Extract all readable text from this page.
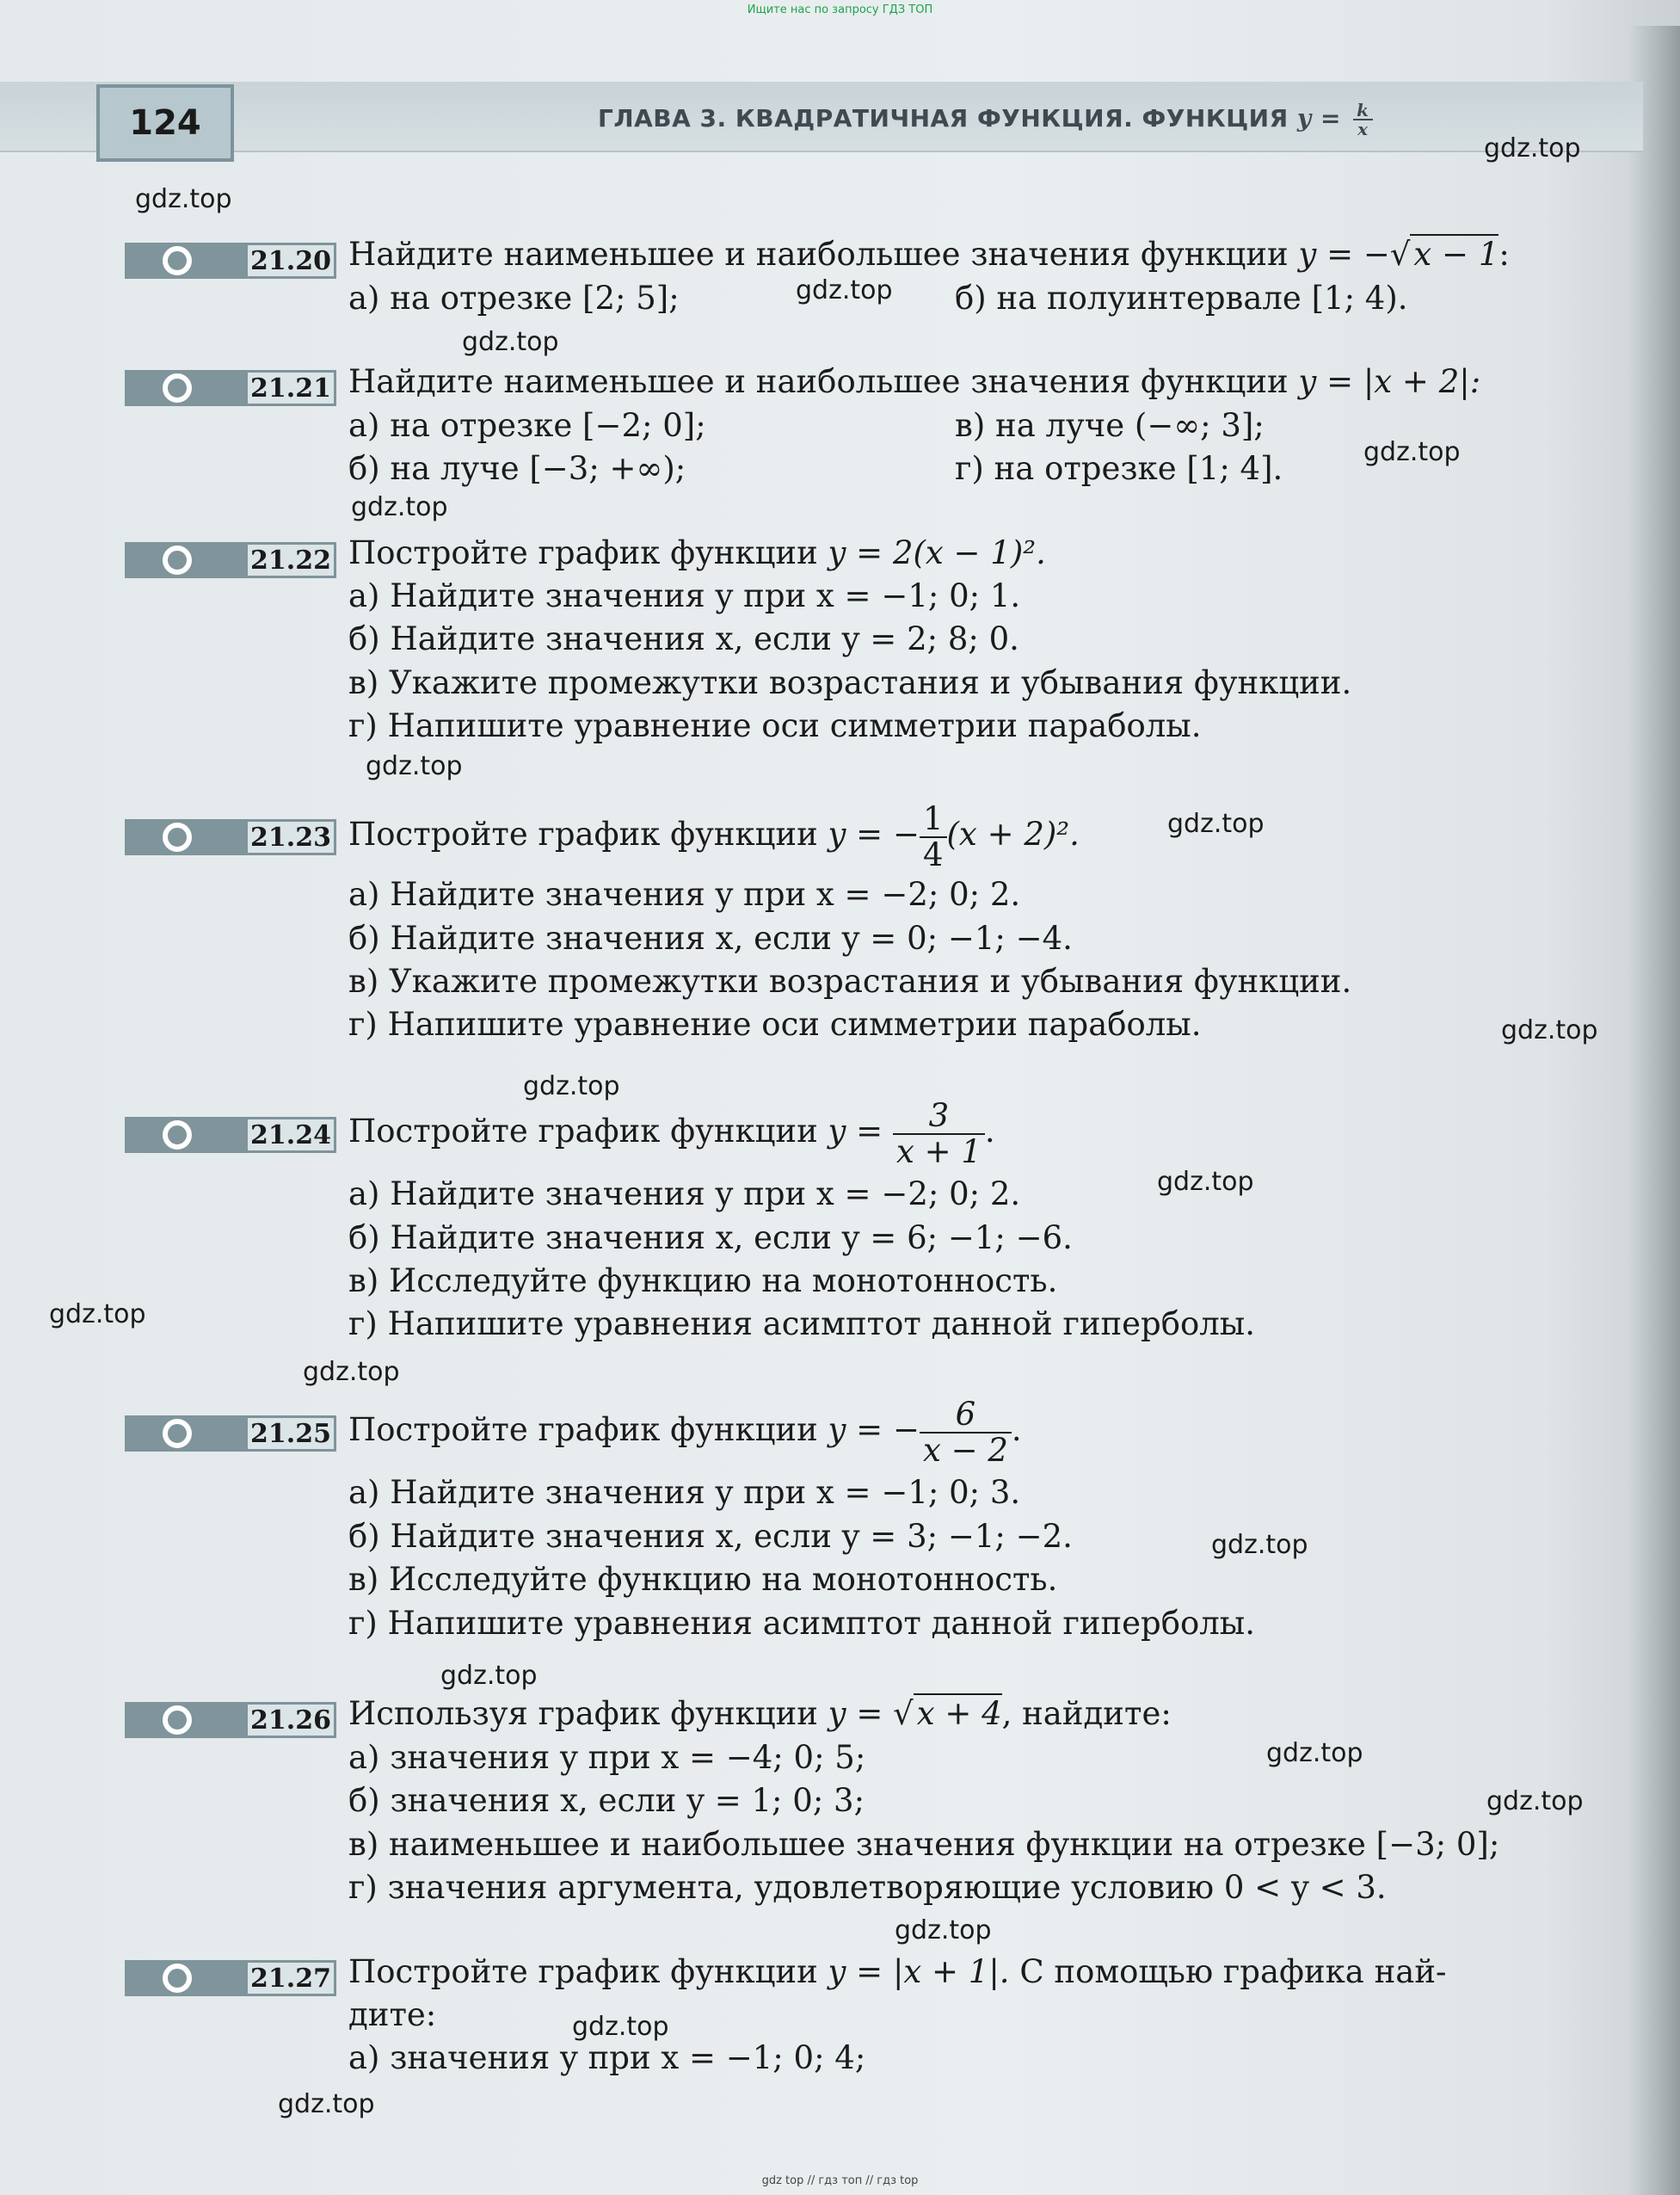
Ищите нас по запросу ГДЗ ТОП
124	ГЛАВА 3. КВАДРАТИЧНАЯ ФУНКЦИЯ. ФУНКЦИЯ $y = \frac{k}{x}$
gdz.top
gdz.top
gdz.top
gdz.top
gdz.top
gdz.top
gdz.top
gdz.top
gdz.top
gdz.top
gdz.top
gdz.top
gdz.top
gdz.top
gdz.top
gdz.top
gdz.top
gdz.top
gdz.top
gdz.top
21.20 Найдите наименьшее и наибольшее значения функции y = −√ x − 1:
а) на отрезке [2; 5];	б) на полуинтервале [1; 4).
21.21 Найдите наименьшее и наибольшее значения функции y = |x + 2|:
а) на отрезке [−2; 0];	в) на луче (−∞; 3];
б) на луче [−3; +∞);	г) на отрезке [1; 4].
21.22 Постройте график функции y = 2(x − 1)².
а) Найдите значения y при x = −1; 0; 1.
б) Найдите значения x, если y = 2; 8; 0.
в) Укажите промежутки возрастания и убывания функции.
г) Напишите уравнение оси симметрии параболы.
21.23 Постройте график функции y = − $\frac{1}{4} (x + 2)^2$.
а) Найдите значения y при x = −2; 0; 2.
б) Найдите значения x, если y = 0; −1; −4.
в) Укажите промежутки возрастания и убывания функции.
г) Напишите уравнение оси симметрии параболы.
21.24 Постройте график функции $y = \frac{3}{x + 1}$ .
а) Найдите значения y при x = −2; 0; 2.
б) Найдите значения x, если y = 6; −1; −6.
в) Исследуйте функцию на монотонность.
г) Напишите уравнения асимптот данной гиперболы.
21.25 Постройте график функции y = − $\frac{6}{x - 2}$ .
а) Найдите значения y при x = −1; 0; 3.
б) Найдите значения x, если y = 3; −1; −2.
в) Исследуйте функцию на монотонность.
г) Напишите уравнения асимптот данной гиперболы.
21.26 Используя график функции y = √ x + 4, найдите:
а) значения y при x = −4; 0; 5;
б) значения x, если y = 1; 0; 3;
в) наименьшее и наибольшее значения функции на отрезке [−3; 0];
г) значения аргумента, удовлетворяющие условию 0 < y < 3.
21.27 Постройте график функции y = |x + 1|. С помощью графика най-
дите:
а) значения y при x = −1; 0; 4;
gdz top // гдз топ // гдз top
